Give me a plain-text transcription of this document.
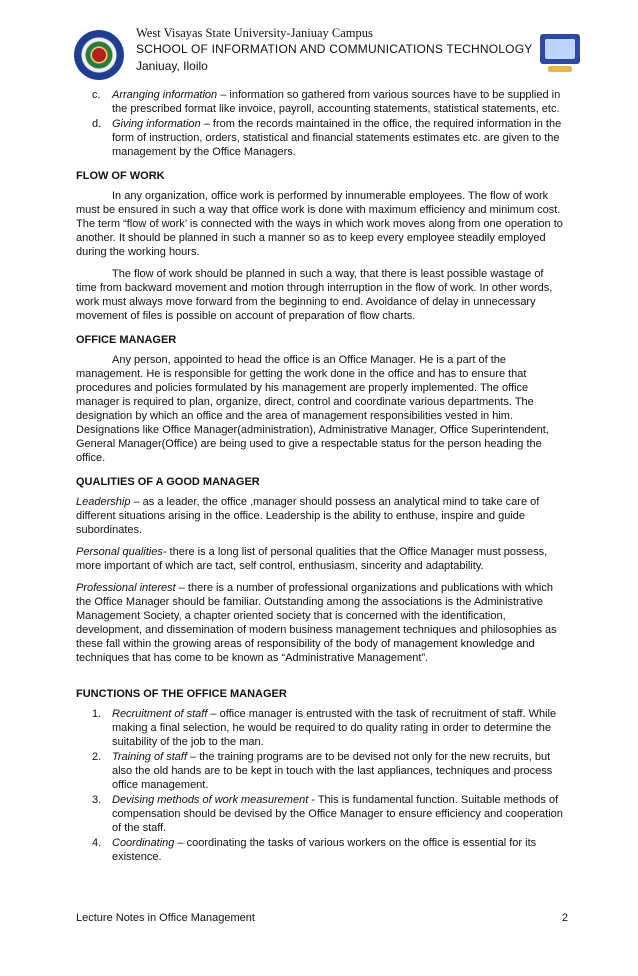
West Visayas State University-Janiuay Campus
SCHOOL OF INFORMATION AND COMMUNICATIONS TECHNOLOGY
Janiuay, Iloilo
c. Arranging information – information so gathered from various sources have to be supplied in the prescribed format like invoice, payroll, accounting statements, statistical statements, etc.
d. Giving information – from the records maintained in the office, the required information in the form of instruction, orders, statistical and financial statements estimates etc. are given to the management by the Office Managers.
FLOW OF WORK

In any organization, office work is performed by innumerable employees. The flow of work must be ensured in such a way that office work is done with maximum efficiency and minimum cost. The term “flow of work’ is connected with the ways in which work moves along from one operation to another. It should be planned in such a manner so as to keep every employee steadily employed during the working hours.

The flow of work should be planned in such a way, that there is least possible wastage of time from backward movement and motion through interruption in the flow of work. In other words, work must always move forward from the beginning to end. Avoidance of delay in unnecessary movement of files is possible on account of preparation of flow charts.

OFFICE MANAGER

Any person, appointed to head the office is an Office Manager. He is a part of the management. He is responsible for getting the work done in the office and has to ensure that procedures and policies formulated by his management are properly implemented. The office manager is required to plan, organize, direct, control and coordinate various departments. The designation by which an office and the area of management responsibilities vested in him. Designations like Office Manager(administration), Administrative Manager, Office Superintendent, General Manager(Office) are being used to give a respectable status for the person heading the office.

QUALITIES OF A GOOD MANAGER

Leadership – as a leader, the office ,manager should possess an analytical mind to take care of different situations arising in the office. Leadership is the ability to enthuse, inspire and guide subordinates.

Personal qualities- there is a long list of personal qualities that the Office Manager must possess, more important of which are tact, self control, enthusiasm, sincerity and adaptability.

Professional interest – there is a number of professional organizations and publications with which the Office Manager should be familiar. Outstanding among the associations is the Administrative Management Society, a chapter oriented society that is concerned with the identification, development, and dissemination of modern business management techniques and philosophies as these fall within the growing areas of responsibility of the body of management knowledge and techniques that has come to be known as “Administrative Management”.

FUNCTIONS OF THE OFFICE MANAGER
1. Recruitment of staff – office manager is entrusted with the task of recruitment of staff. While making a final selection, he would be required to do quality rating in order to determine the suitability of the job to the man.
2. Training of staff – the training programs are to be devised not only for the new recruits, but also the old hands are to be kept in touch with the last appliances, techniques and process office management.
3. Devising methods of work measurement - This is fundamental function. Suitable methods of compensation should be devised by the Office Manager to ensure efficiency and cooperation of the staff.
4. Coordinating – coordinating the tasks of various workers on the office is essential for its existence.
Lecture Notes in Office Management	2
